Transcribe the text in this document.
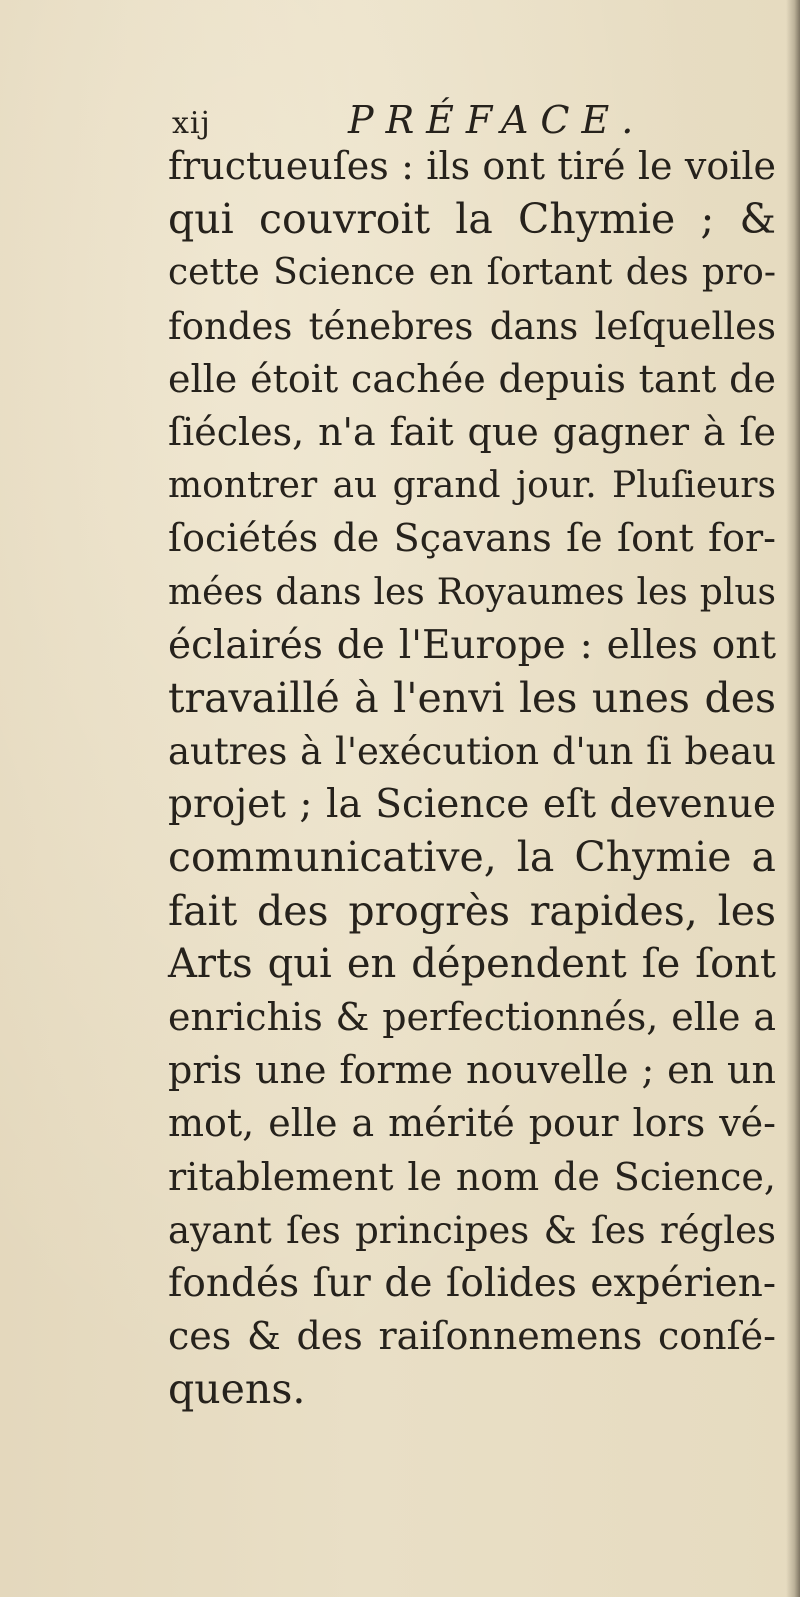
xij	PRÉFACE.
fructueuſes : ils ont tiré le voile
qui couvroit la Chymie ; &
cette Science en ſortant des pro-
fondes ténebres dans leſquelles
elle étoit cachée depuis tant de
ſiécles, n'a fait que gagner à ſe
montrer au grand jour. Pluſieurs
ſociétés de Sçavans ſe ſont for-
mées dans les Royaumes les plus
éclairés de l'Europe : elles ont
travaillé à l'envi les unes des
autres à l'exécution d'un ſi beau
projet ; la Science eſt devenue
communicative, la Chymie a
fait des progrès rapides, les
Arts qui en dépendent ſe ſont
enrichis & perfectionnés, elle a
pris une forme nouvelle ; en un
mot, elle a mérité pour lors vé-
ritablement le nom de Science,
ayant ſes principes & ſes régles
fondés ſur de ſolides expérien-
ces & des raiſonnemens conſé-
quens.
